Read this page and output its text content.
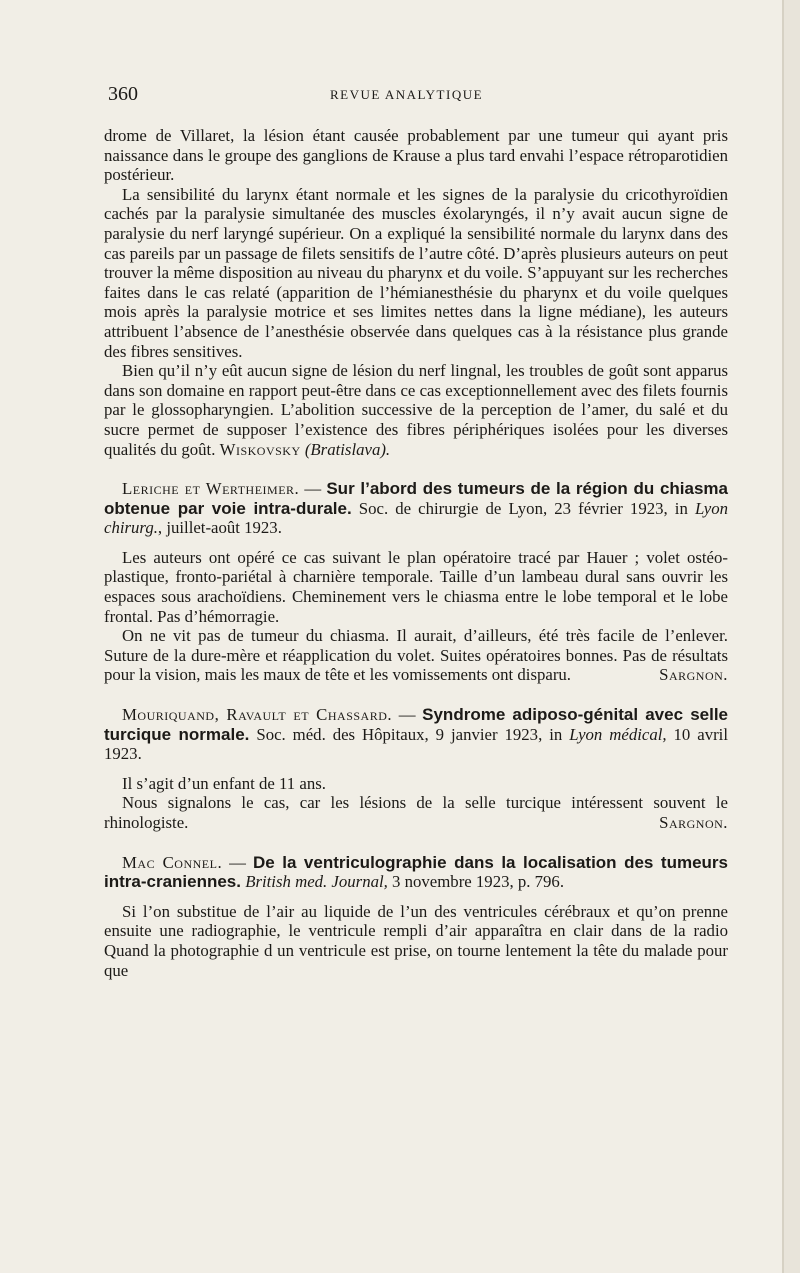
360	REVUE ANALYTIQUE

drome de Villaret, la lésion étant causée probablement par une tumeur qui ayant pris naissance dans le groupe des ganglions de Krause a plus tard envahi l’espace rétroparotidien postérieur.

La sensibilité du larynx étant normale et les signes de la paralysie du cricothyroïdien cachés par la paralysie simultanée des muscles éxolaryngés, il n’y avait aucun signe de paralysie du nerf laryngé supérieur. On a expliqué la sensibilité normale du larynx dans des cas pareils par un passage de filets sensitifs de l’autre côté. D’après plusieurs auteurs on peut trouver la même disposition au niveau du pharynx et du voile. S’appuyant sur les recherches faites dans le cas relaté (apparition de l’hémianesthésie du pharynx et du voile quelques mois après la paralysie motrice et ses limites nettes dans la ligne médiane), les auteurs attribuent l’absence de l’anesthésie observée dans quelques cas à la résistance plus grande des fibres sensitives.

Bien qu’il n’y eût aucun signe de lésion du nerf lingnal, les troubles de goût sont apparus dans son domaine en rapport peut-être dans ce cas exceptionnellement avec des filets fournis par le glossopharyngien. L’abolition successive de la perception de l’amer, du salé et du sucre permet de supposer l’existence des fibres périphériques isolées pour les diverses qualités du goût. Wiskovsky (Bratislava).

Leriche et Wertheimer. — Sur l’abord des tumeurs de la région du chiasma obtenue par voie intra-durale. Soc. de chirurgie de Lyon, 23 février 1923, in Lyon chirurg., juillet-août 1923.

Les auteurs ont opéré ce cas suivant le plan opératoire tracé par Hauer ; volet ostéo-plastique, fronto-pariétal à charnière temporale. Taille d’un lambeau dural sans ouvrir les espaces sous arachoïdiens. Cheminement vers le chiasma entre le lobe temporal et le lobe frontal. Pas d’hémorragie.

On ne vit pas de tumeur du chiasma. Il aurait, d’ailleurs, été très facile de l’enlever. Suture de la dure-mère et réapplication du volet. Suites opératoires bonnes. Pas de résultats pour la vision, mais les maux de tête et les vomissements ont disparu.	Sargnon.

Mouriquand, Ravault et Chassard. — Syndrome adiposo-génital avec selle turcique normale. Soc. méd. des Hôpitaux, 9 janvier 1923, in Lyon médical, 10 avril 1923.

Il s’agit d’un enfant de 11 ans.

Nous signalons le cas, car les lésions de la selle turcique intéressent souvent le rhinologiste.	Sargnon.

Mac Connel. — De la ventriculographie dans la localisation des tumeurs intra-craniennes. British med. Journal, 3 novembre 1923, p. 796.

Si l’on substitue de l’air au liquide de l’un des ventricules cérébraux et qu’on prenne ensuite une radiographie, le ventricule rempli d’air apparaîtra en clair dans de la radio Quand la photographie d un ventricule est prise, on tourne lentement la tête du malade pour que
